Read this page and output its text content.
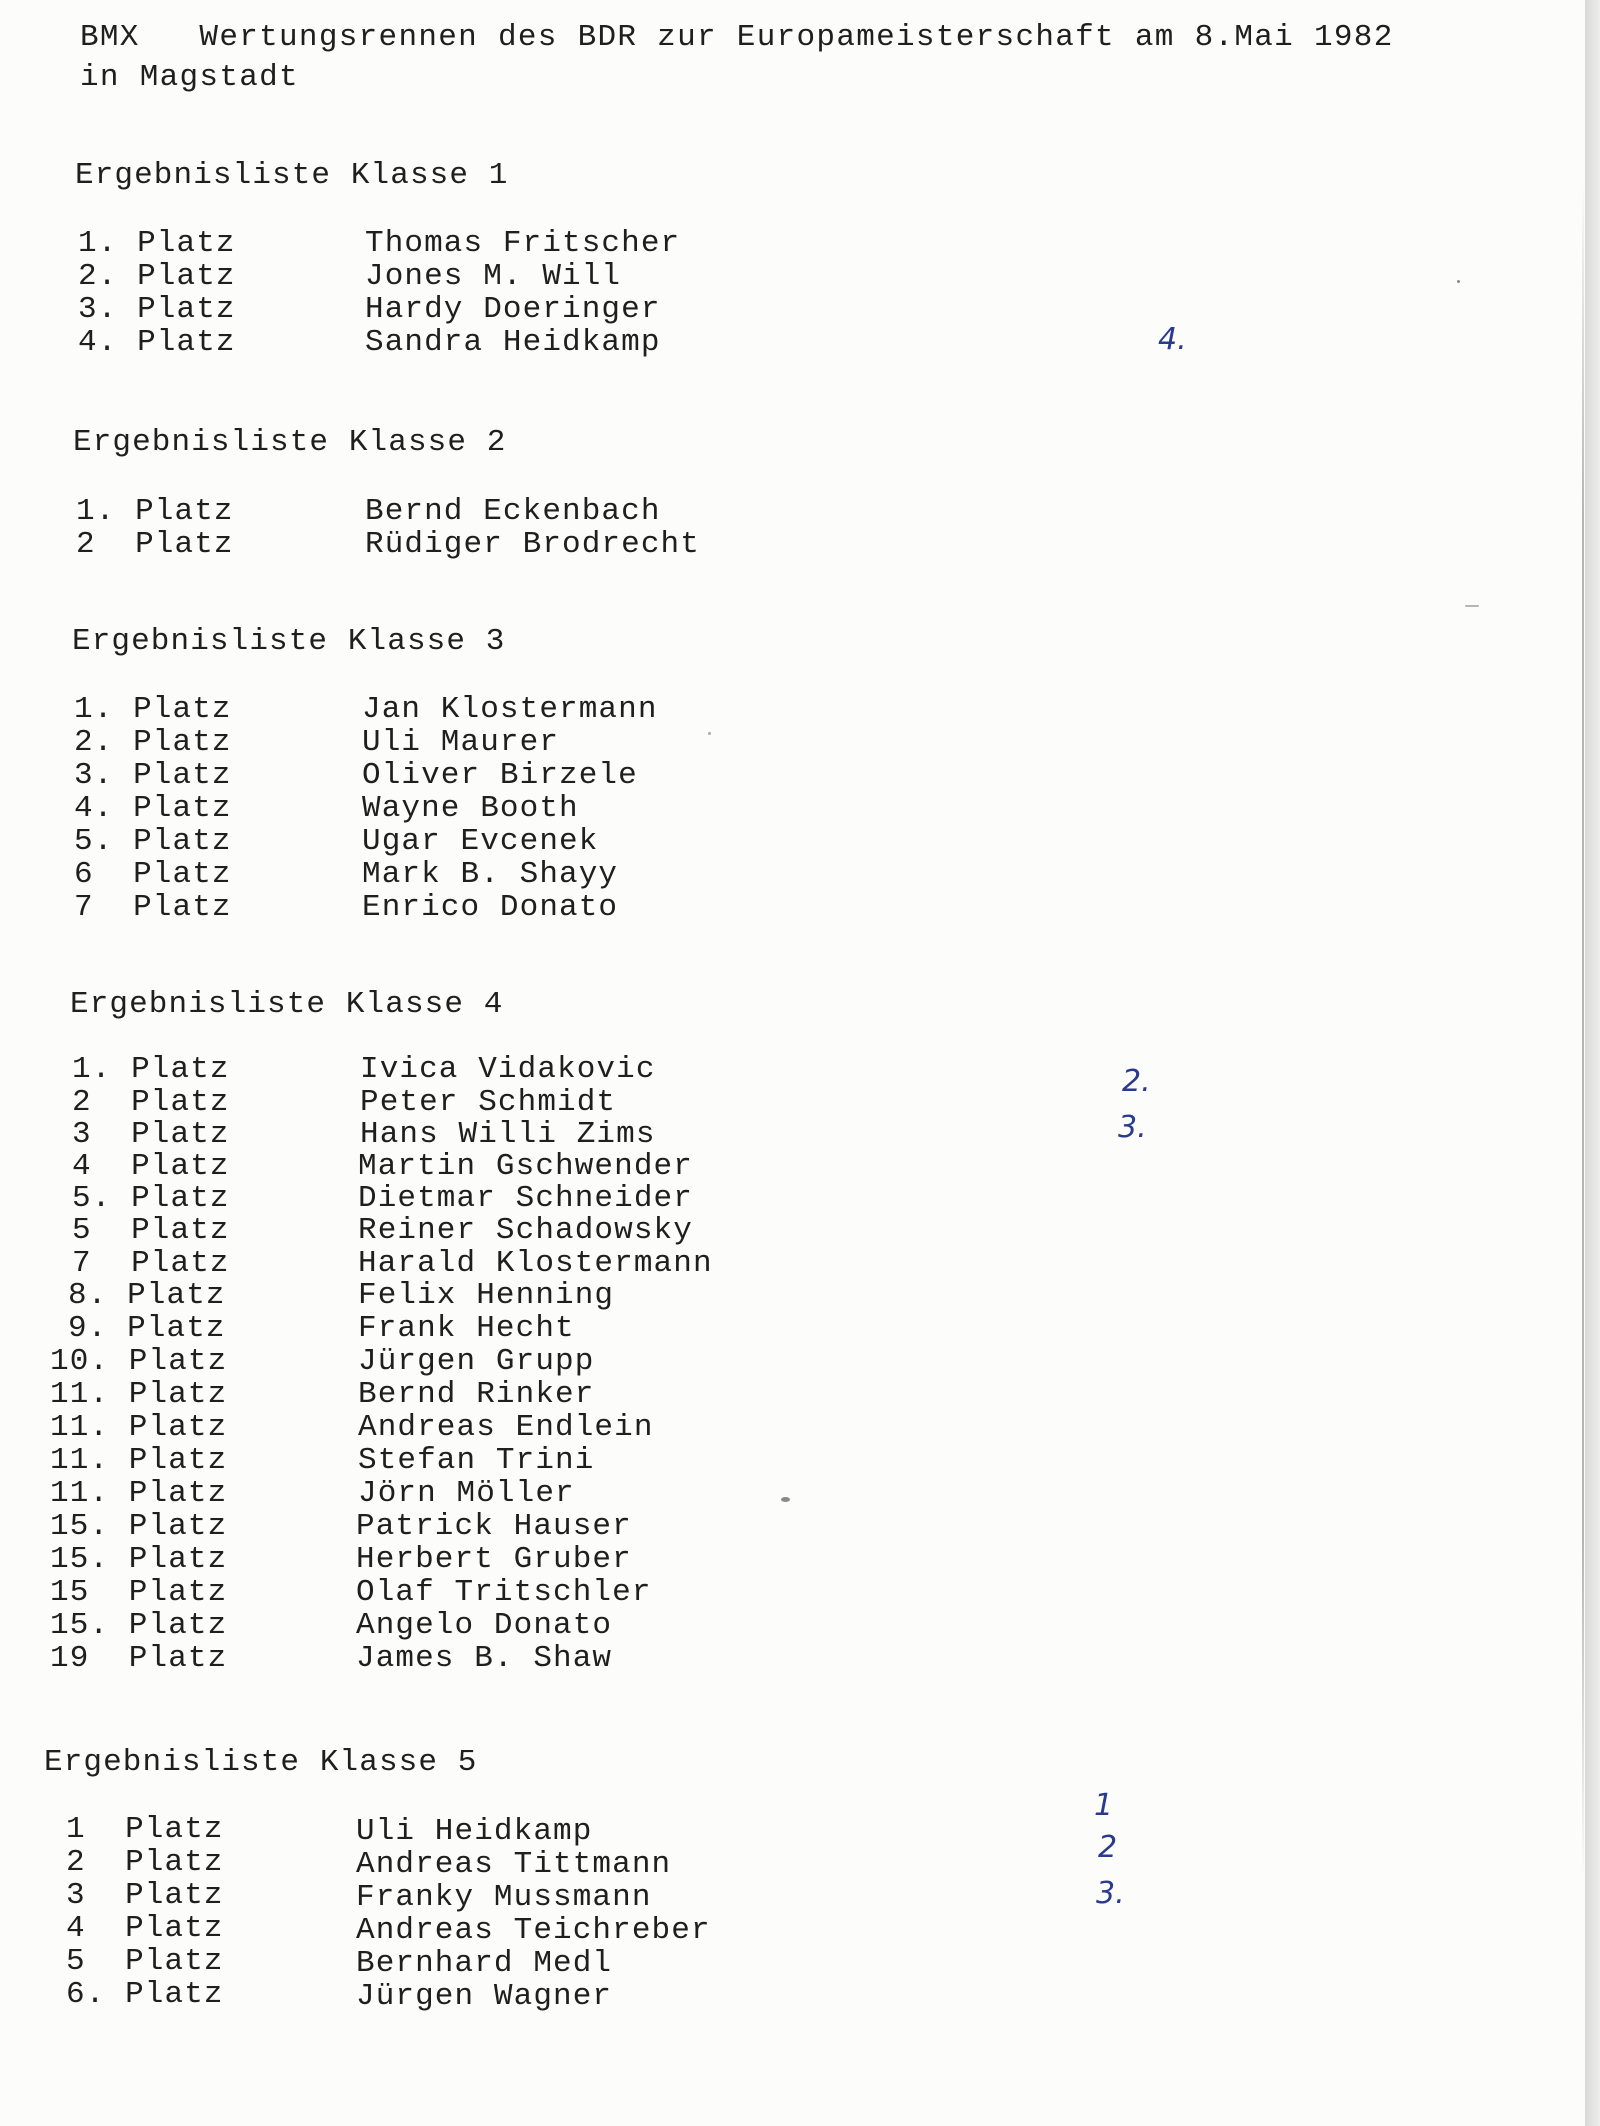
BMX   Wertungsrennen des BDR zur Europameisterschaft am 8.Mai 1982
in Magstadt
Ergebnisliste Klasse 1
1. Platz	Thomas Fritscher
2. Platz	Jones M. Will
3. Platz	Hardy Doeringer
4. Platz	Sandra Heidkamp
Ergebnisliste Klasse 2
1. Platz	Bernd Eckenbach
2  Platz	Rüdiger Brodrecht
Ergebnisliste Klasse 3
1. Platz	Jan Klostermann
2. Platz	Uli Maurer
3. Platz	Oliver Birzele
4. Platz	Wayne Booth
5. Platz	Ugar Evcenek
6  Platz	Mark B. Shayy
7  Platz	Enrico Donato
Ergebnisliste Klasse 4
1. Platz	Ivica Vidakovic
2  Platz	Peter Schmidt
3  Platz	Hans Willi Zims
4  Platz	Martin Gschwender
5. Platz	Dietmar Schneider
5  Platz	Reiner Schadowsky
7  Platz	Harald Klostermann
8. Platz	Felix Henning
9. Platz	Frank Hecht
10. Platz	Jürgen Grupp
11. Platz	Bernd Rinker
11. Platz	Andreas Endlein
11. Platz	Stefan Trini
11. Platz	Jörn Möller
15. Platz	Patrick Hauser
15. Platz	Herbert Gruber
15  Platz	Olaf Tritschler
15. Platz	Angelo Donato
19  Platz	James B. Shaw
Ergebnisliste Klasse 5
1  Platz	Uli Heidkamp
2  Platz	Andreas Tittmann
3  Platz	Franky Mussmann
4  Platz	Andreas Teichreber
5  Platz	Bernhard Medl
6. Platz	Jürgen Wagner
4.
2.
3.
1
2
3.
